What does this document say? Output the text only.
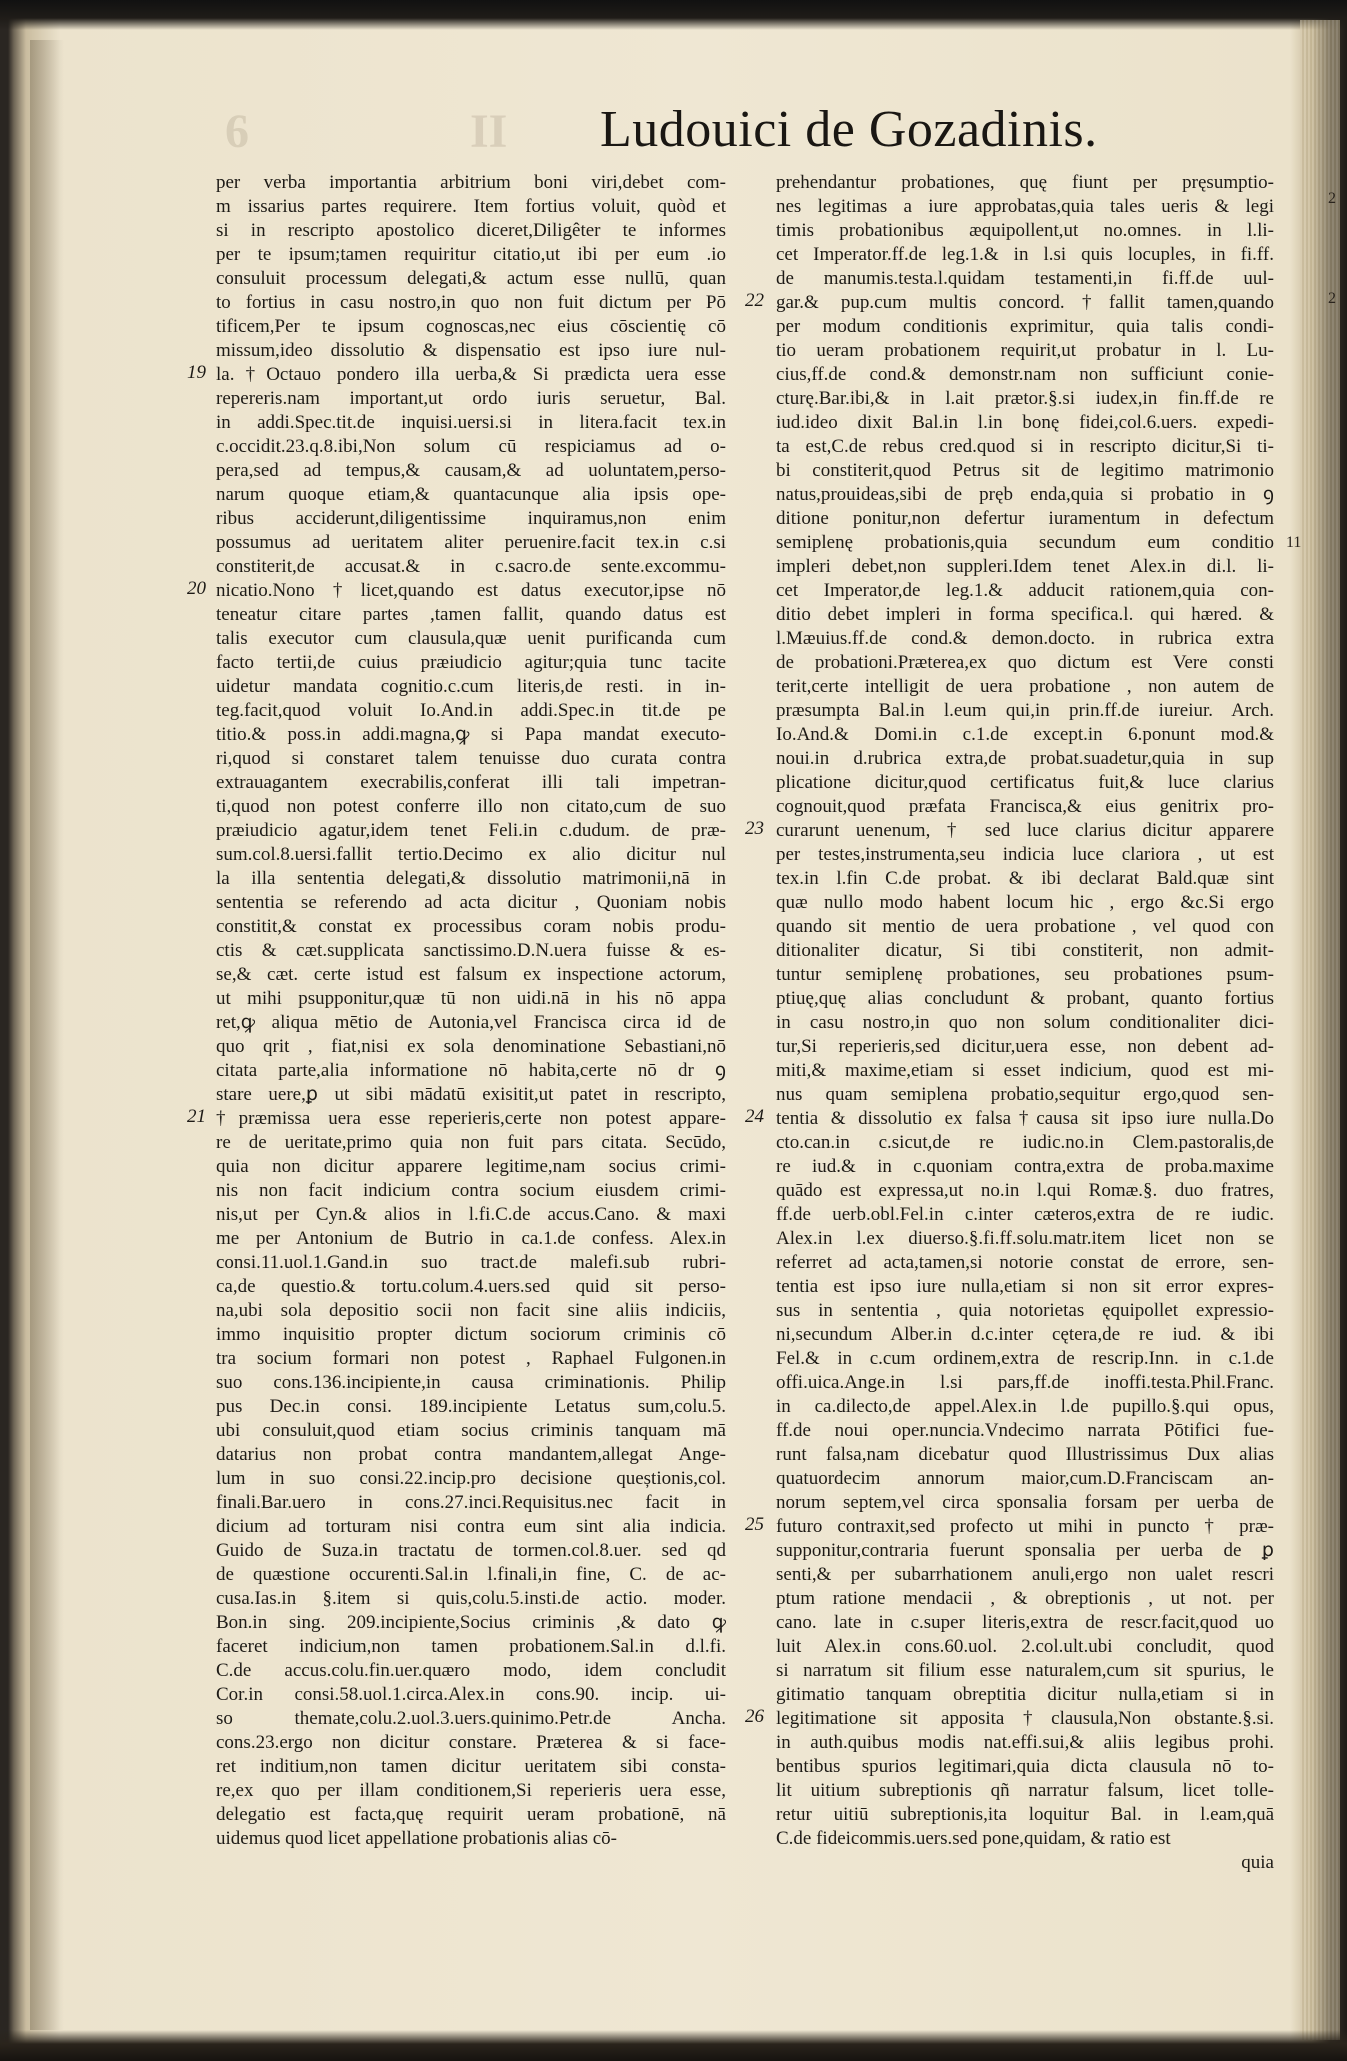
II
6	Ludouici de Gozadinis.
per verba importantia arbitrium boni viri,debet com-
m issarius partes requirere. Item fortius voluit, quòd et
si in rescripto apostolico diceret,Diligêter te informes
per te ipsum;tamen requiritur citatio,ut ibi per eum .io
consuluit processum delegati,& actum esse nullū, quan
to fortius in casu nostro,in quo non fuit dictum per Pō
tificem,Per te ipsum cognoscas,nec eius cōscientię cō
missum,ideo dissolutio & dispensatio est ipso iure nul-
la.†Octauo pondero illa uerba,& Si prædicta uera esse
repereris.nam important,ut ordo iuris seruetur, Bal.
in addi.Spec.tit.de inquisi.uersi.si in litera.facit tex.in
c.occidit.23.q.8.ibi,Non solum cū respiciamus ad o-
pera,sed ad tempus,& causam,& ad uoluntatem,perso-
narum quoque etiam,& quantacunque alia ipsis ope-
ribus acciderunt,diligentissime inquiramus,non enim
possumus ad ueritatem aliter peruenire.facit tex.in c.si
constiterit,de accusat.& in c.sacro.de sente.excommu-
nicatio.Nono†licet,quando est datus executor,ipse nō
teneatur citare partes ,tamen fallit, quando datus est
talis executor cum clausula,quæ uenit purificanda cum
facto tertii,de cuius præiudicio agitur;quia tunc tacite
uidetur mandata cognitio.c.cum literis,de resti. in in-
teg.facit,quod voluit Io.And.in addi.Spec.in tit.de pe
titio.& poss.in addi.magna,ꝙ si Papa mandat executo-
ri,quod si constaret talem tenuisse duo curata contra
extrauagantem execrabilis,conferat illi tali impetran-
ti,quod non potest conferre illo non citato,cum de suo
præiudicio agatur,idem tenet Feli.in c.dudum. de præ-
sum.col.8.uersi.fallit tertio.Decimo ex alio dicitur nul
la illa sententia delegati,& dissolutio matrimonii,nā in
sententia se referendo ad acta dicitur , Quoniam nobis
constitit,& constat ex processibus coram nobis produ-
ctis & cæt.supplicata sanctissimo.D.N.uera fuisse & es-
se,& cæt. certe istud est falsum ex inspectione actorum,
ut mihi psupponitur,quæ tū non uidi.nā in his nō appa
ret,ꝙ aliqua mētio de Autonia,vel Francisca circa id de
quo qrit , fiat,nisi ex sola denominatione Sebastiani,nō
citata parte,alia informatione nō habita,certe nō dr ꝯ
stare uere,ꝑ ut sibi mādatū exisitit,ut patet in rescripto,
†præmissa uera esse reperieris,certe non potest appare-
re de ueritate,primo quia non fuit pars citata. Secūdo,
quia non dicitur apparere legitime,nam socius crimi-
nis non facit indicium contra socium eiusdem crimi-
nis,ut per Cyn.& alios in l.fi.C.de accus.Cano. & maxi
me per Antonium de Butrio in ca.1.de confess. Alex.in
consi.11.uol.1.Gand.in suo tract.de malefi.sub rubri-
ca,de questio.& tortu.colum.4.uers.sed quid sit perso-
na,ubi sola depositio socii non facit sine aliis indiciis,
immo inquisitio propter dictum sociorum criminis cō
tra socium formari non potest , Raphael Fulgonen.in
suo cons.136.incipiente,in causa criminationis. Philip
pus Dec.in consi. 189.incipiente Letatus sum,colu.5.
ubi consuluit,quod etiam socius criminis tanquam mā
datarius non probat contra mandantem,allegat Ange-
lum in suo consi.22.incip.pro decisione queștionis,col.
finali.Bar.uero in cons.27.inci.Requisitus.nec facit in
dicium ad torturam nisi contra eum sint alia indicia.
Guido de Suza.in tractatu de tormen.col.8.uer. sed qd
de quæstione occurenti.Sal.in l.finali,in fine, C. de ac-
cusa.Ias.in §.item si quis,colu.5.insti.de actio. moder.
Bon.in sing. 209.incipiente,Socius criminis ,& dato ꝙ
faceret indicium,non tamen probationem.Sal.in d.l.fi.
C.de accus.colu.fin.uer.quæro modo, idem concludit
Cor.in consi.58.uol.1.circa.Alex.in cons.90. incip. ui-
so themate,colu.2.uol.3.uers.quinimo.Petr.de Ancha.
cons.23.ergo non dicitur constare. Præterea & si face-
ret inditium,non tamen dicitur ueritatem sibi consta-
re,ex quo per illam conditionem,Si reperieris uera esse,
delegatio est facta,quę requirit ueram probationē, nā
uidemus quod licet appellatione probationis alias cō-
prehendantur probationes, quę fiunt per pręsumptio-
nes legitimas a iure approbatas,quia tales ueris & legi
timis probationibus æquipollent,ut no.omnes. in l.li-
cet Imperator.ff.de leg.1.& in l.si quis locuples, in fi.ff.
de manumis.testa.l.quidam testamenti,in fi.ff.de uul-
gar.& pup.cum multis concord.†fallit tamen,quando
per modum conditionis exprimitur, quia talis condi-
tio ueram probationem requirit,ut probatur in l. Lu-
cius,ff.de cond.& demonstr.nam non sufficiunt conie-
cturę.Bar.ibi,& in l.ait prætor.§.si iudex,in fin.ff.de re
iud.ideo dixit Bal.in l.in bonę fidei,col.6.uers. expedi-
ta est,C.de rebus cred.quod si in rescripto dicitur,Si ti-
bi constiterit,quod Petrus sit de legitimo matrimonio
natus,prouideas,sibi de pręb enda,quia si probatio in ꝯ
ditione ponitur,non defertur iuramentum in defectum
semiplenę probationis,quia secundum eum conditio
impleri debet,non suppleri.Idem tenet Alex.in di.l. li-
cet Imperator,de leg.1.& adducit rationem,quia con-
ditio debet impleri in forma specifica.l. qui hæred. &
l.Mæuius.ff.de cond.& demon.docto. in rubrica extra
de probationi.Præterea,ex quo dictum est Vere consti
terit,certe intelligit de uera probatione , non autem de
præsumpta Bal.in l.eum qui,in prin.ff.de iureiur. Arch.
Io.And.& Domi.in c.1.de except.in 6.ponunt mod.&
noui.in d.rubrica extra,de probat.suadetur,quia in sup
plicatione dicitur,quod certificatus fuit,& luce clarius
cognouit,quod præfata Francisca,& eius genitrix pro-
curarunt uenenum, † sed luce clarius dicitur apparere
per testes,instrumenta,seu indicia luce clariora , ut est
tex.in l.fin C.de probat. & ibi declarat Bald.quæ sint
quæ nullo modo habent locum hic , ergo &c.Si ergo
quando sit mentio de uera probatione , vel quod con
ditionaliter dicatur, Si tibi constiterit, non admit-
tuntur semiplenę probationes, seu probationes psum-
ptiuę,quę alias concludunt & probant, quanto fortius
in casu nostro,in quo non solum conditionaliter dici-
tur,Si reperieris,sed dicitur,uera esse, non debent ad-
miti,& maxime,etiam si esset indicium, quod est mi-
nus quam semiplena probatio,sequitur ergo,quod sen-
tentia & dissolutio ex falsa†causa sit ipso iure nulla.Do
cto.can.in c.sicut,de re iudic.no.in Clem.pastoralis,de
re iud.& in c.quoniam contra,extra de proba.maxime
quādo est expressa,ut no.in l.qui Romæ.§. duo fratres,
ff.de uerb.obl.Fel.in c.inter cæteros,extra de re iudic.
Alex.in l.ex diuerso.§.fi.ff.solu.matr.item licet non se
referret ad acta,tamen,si notorie constat de errore, sen-
tentia est ipso iure nulla,etiam si non sit error expres-
sus in sententia , quia notorietas ęquipollet expressio-
ni,secundum Alber.in d.c.inter cętera,de re iud. & ibi
Fel.& in c.cum ordinem,extra de rescrip.Inn. in c.1.de
offi.uica.Ange.in l.si pars,ff.de inoffi.testa.Phil.Franc.
in ca.dilecto,de appel.Alex.in l.de pupillo.§.qui opus,
ff.de noui oper.nuncia.Vndecimo narrata Pōtifici fue-
runt falsa,nam dicebatur quod Illustrissimus Dux alias
quatuordecim annorum maior,cum.D.Franciscam an-
norum septem,vel circa sponsalia forsam per uerba de
futuro contraxit,sed profecto ut mihi in puncto † præ-
supponitur,contraria fuerunt sponsalia per uerba de ꝑ
senti,& per subarrhationem anuli,ergo non ualet rescri
ptum ratione mendacii , & obreptionis , ut not. per
cano. late in c.super literis,extra de rescr.facit,quod uo
luit Alex.in cons.60.uol. 2.col.ult.ubi concludit, quod
si narratum sit filium esse naturalem,cum sit spurius, le
gitimatio tanquam obreptitia dicitur nulla,etiam si in
legitimatione sit apposita†clausula,Non obstante.§.si.
in auth.quibus modis nat.effi.sui,& aliis legibus prohi.
bentibus spurios legitimari,quia dicta clausula nō to-
lit uitium subreptionis qñ narratur falsum, licet tolle-
retur uitiū subreptionis,ita loquitur Bal. in l.eam,quā
C.de fideicommis.uers.sed pone,quidam, & ratio est
quia
19
20
21
22
23
24
25
26
2
2
11
